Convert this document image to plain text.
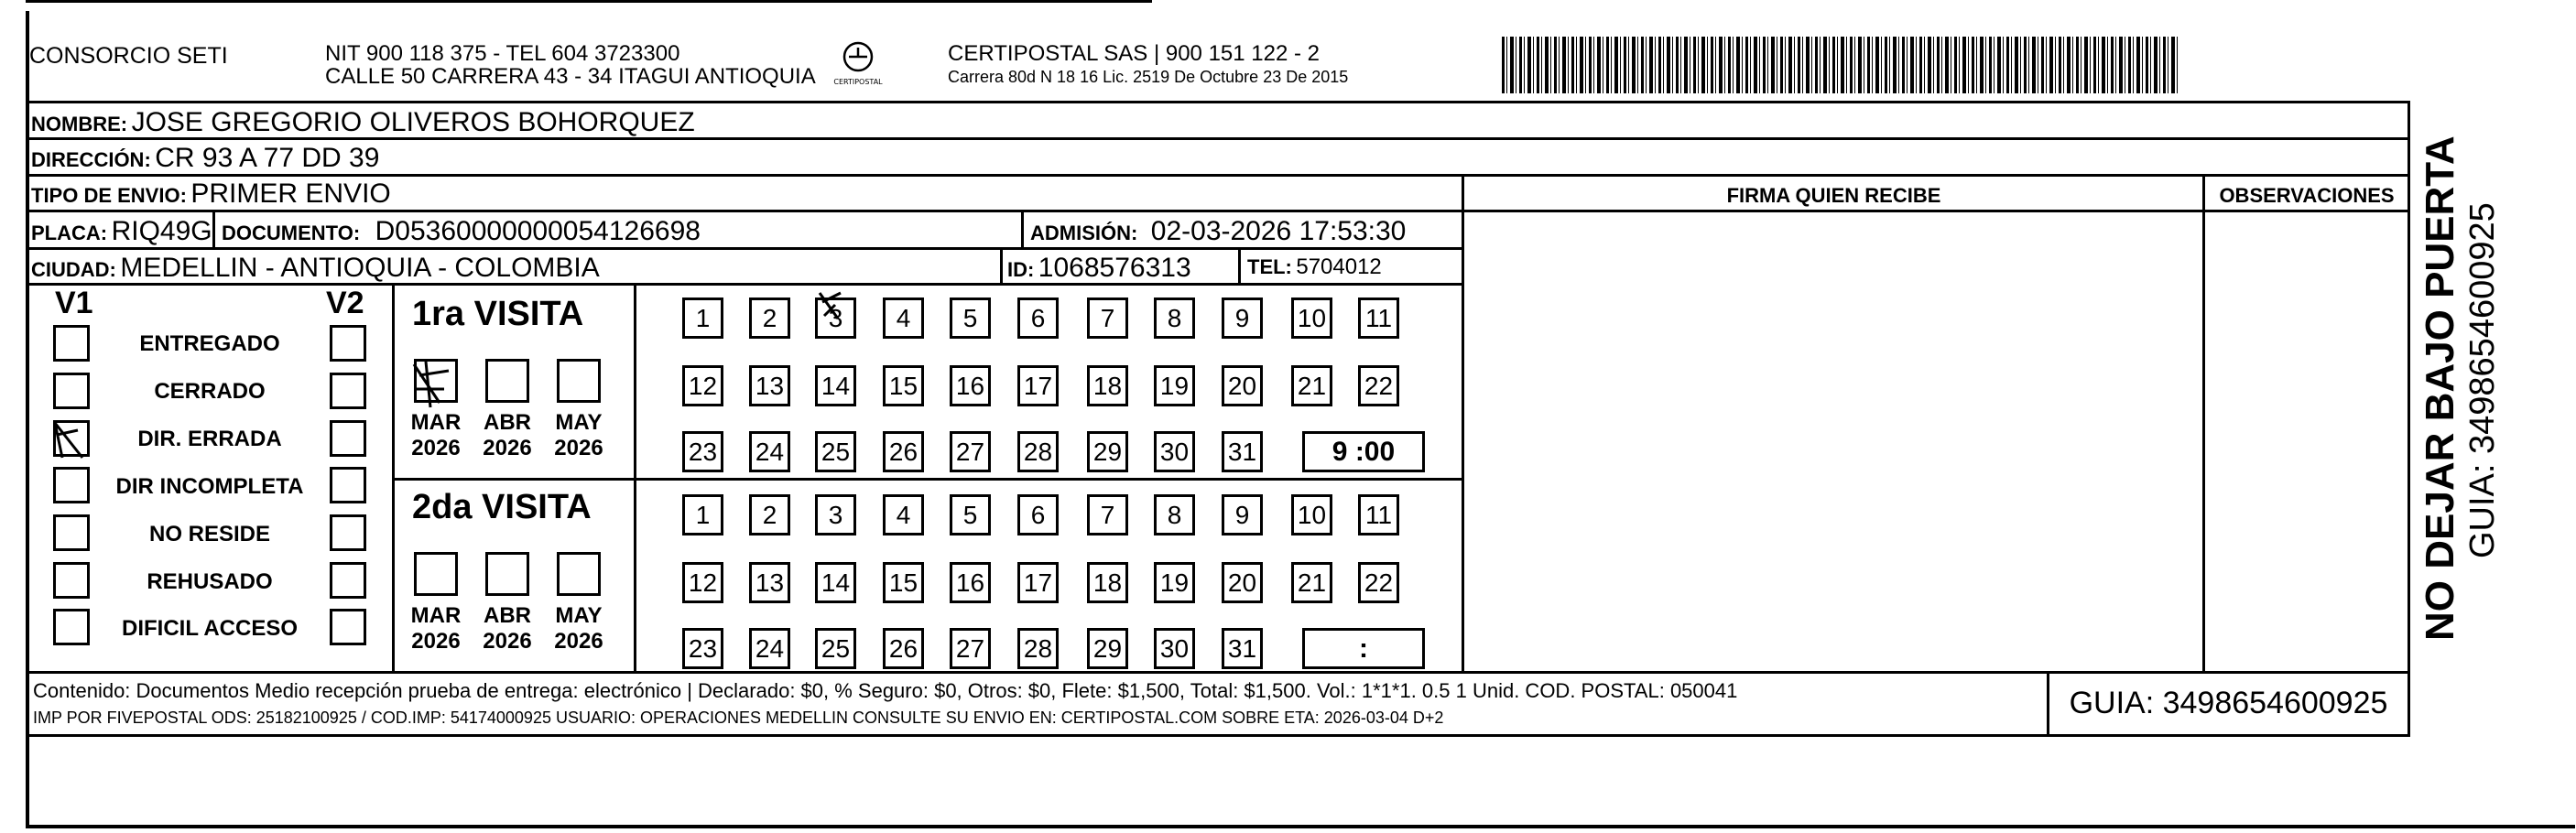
CONSORCIO SETI	NIT 900 118 375 - TEL 604 3723300
CALLE 50 CARRERA 43 - 34 ITAGUI ANTIOQUIA CERTIPOSTAL
CERTIPOSTAL SAS | 900 151 122 - 2
Carrera 80d N 18 16 Lic. 2519 De Octubre 23 De 2015
NOMBRE: JOSE GREGORIO OLIVEROS BOHORQUEZ
DIRECCIÓN: CR 93 A 77 DD 39
TIPO DE ENVIO: PRIMER ENVIO	FIRMA QUIEN RECIBE	OBSERVACIONES
PLACA: RIQ49G DOCUMENTO: D05360000000054126698	ADMISIÓN: 02-03-2026 17:53:30
CIUDAD: MEDELLIN - ANTIOQUIA - COLOMBIA	ID: 1068576313	TEL: 5704012
V1	V2
ENTREGADO
CERRADO
DIR. ERRADA
DIR INCOMPLETA
NO RESIDE
REHUSADO
DIFICIL ACCESO
1ra VISITA
MAR
2026
ABR
2026
MAY
2026
1	2	3	4	5	6	7	8	9	10 11
12 13 14 15 16 17 18 19 20 21 22
23 24 25 26 27 28 29 30 31	9 :00
2da VISITA
MAR
2026
ABR
2026
MAY
2026
1	2	3	4	5	6	7	8	9	10 11
12 13 14 15 16 17 18 19 20 21 22
23 24 25 26 27 28 29 30 31	:
Contenido: Documentos Medio recepción prueba de entrega: electrónico | Declarado: $0, % Seguro: $0, Otros: $0, Flete: $1,500, Total: $1,500. Vol.: 1*1*1. 0.5 1 Unid. COD. POSTAL: 050041
IMP POR FIVEPOSTAL ODS: 25182100925 / COD.IMP: 54174000925 USUARIO: OPERACIONES MEDELLIN CONSULTE SU ENVIO EN: CERTIPOSTAL.COM SOBRE ETA: 2026-03-04 D+2	GUIA: 3498654600925
NO DEJAR BAJO PUERTA GUIA: 3498654600925
